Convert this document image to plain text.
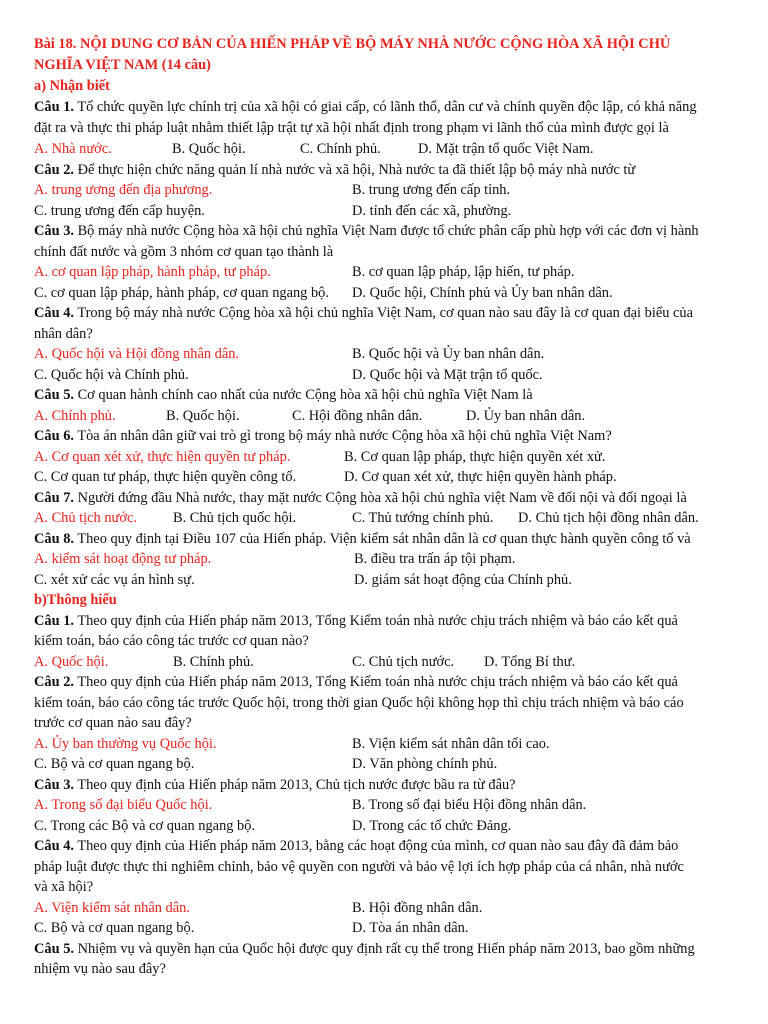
Bài 18. NỘI DUNG CƠ BẢN CỦA HIẾN PHÁP VỀ BỘ MÁY NHÀ NƯỚC CỘNG HÒA XÃ HỘI CHỦ
NGHĨA VIỆT NAM (14 câu)
a) Nhận biết
Câu 1. Tổ chức quyền lực chính trị của xã hội có giai cấp, có lãnh thổ, dân cư và chính quyền độc lập, có khả năng
đặt ra và thực thi pháp luật nhằm thiết lập trật tự xã hội nhất định trong phạm vi lãnh thổ của mình được gọi là
A. Nhà nước.	B. Quốc hội.	C. Chính phủ.	D. Mặt trận tổ quốc Việt Nam.
Câu 2. Để thực hiện chức năng quản lí nhà nước và xã hội, Nhà nước ta đã thiết lập bộ máy nhà nước từ
A. trung ương đến địa phương.	B. trung ương đến cấp tỉnh.
C. trung ương đến cấp huyện.	D. tỉnh đến các xã, phường.
Câu 3. Bộ máy nhà nước Cộng hòa xã hội chủ nghĩa Việt Nam được tổ chức phân cấp phù hợp với các đơn vị hành
chính đất nước và gồm 3 nhóm cơ quan tạo thành là
A. cơ quan lập pháp, hành pháp, tư pháp.	B. cơ quan lập pháp, lập hiến, tư pháp.
C. cơ quan lập pháp, hành pháp, cơ quan ngang bộ. D. Quốc hội, Chính phủ và Ủy ban nhân dân.
Câu 4. Trong bộ máy nhà nước Cộng hòa xã hội chủ nghĩa Việt Nam, cơ quan nào sau đây là cơ quan đại biểu của
nhân dân?
A. Quốc hội và Hội đồng nhân dân.	B. Quốc hội và Ủy ban nhân dân.
C. Quốc hội và Chính phủ.	D. Quốc hội và Mặt trận tổ quốc.
Câu 5. Cơ quan hành chính cao nhất của nước Cộng hòa xã hội chủ nghĩa Việt Nam là
A. Chính phủ.	B. Quốc hội.	C. Hội đồng nhân dân.	D. Ủy ban nhân dân.
Câu 6. Tòa án nhân dân giữ vai trò gì trong bộ máy nhà nước Cộng hòa xã hội chủ nghĩa Việt Nam?
A. Cơ quan xét xử, thực hiện quyền tư pháp.	B. Cơ quan lập pháp, thực hiện quyền xét xử.
C. Cơ quan tư pháp, thực hiện quyền công tố.	D. Cơ quan xét xử, thực hiện quyền hành pháp.
Câu 7. Người đứng đầu Nhà nước, thay mặt nước Cộng hòa xã hội chủ nghĩa việt Nam về đối nội và đối ngoại là
A. Chủ tịch nước.	B. Chủ tịch quốc hội.	C. Thủ tướng chính phủ. D. Chủ tịch hội đồng nhân dân.
Câu 8. Theo quy định tại Điều 107 của Hiến pháp. Viện kiểm sát nhân dân là cơ quan thực hành quyền công tố và
A. kiểm sát hoạt động tư pháp.	B. điều tra trấn áp tội phạm.
C. xét xử các vụ án hình sự.	D. giám sát hoạt động của Chính phủ.
b)Thông hiểu
Câu 1. Theo quy định của Hiến pháp năm 2013, Tổng Kiểm toán nhà nước chịu trách nhiệm và báo cáo kết quả
kiểm toán, báo cáo công tác trước cơ quan nào?
A. Quốc hội.	B. Chính phủ.	C. Chủ tịch nước. D. Tổng Bí thư.
Câu 2. Theo quy định của Hiến pháp năm 2013, Tổng Kiểm toán nhà nước chịu trách nhiệm và báo cáo kết quả
kiểm toán, báo cáo công tác trước Quốc hội, trong thời gian Quốc hội không họp thì chịu trách nhiệm và báo cáo
trước cơ quan nào sau đây?
A. Ủy ban thường vụ Quốc hội.	B. Viện kiểm sát nhân dân tối cao.
C. Bộ và cơ quan ngang bộ.	D. Văn phòng chính phủ.
Câu 3. Theo quy định của Hiến pháp năm 2013, Chủ tịch nước được bầu ra từ đâu?
A. Trong số đại biểu Quốc hội.	B. Trong số đại biểu Hội đồng nhân dân.
C. Trong các Bộ và cơ quan ngang bộ.	D. Trong các tổ chức Đảng.
Câu 4. Theo quy định của Hiến pháp năm 2013, bằng các hoạt động của mình, cơ quan nào sau đây đã đảm bảo
pháp luật được thực thi nghiêm chỉnh, bảo vệ quyền con người và bảo vệ lợi ích hợp pháp của cá nhân, nhà nước
và xã hội?
A. Viện kiểm sát nhân dân.	B. Hội đồng nhân dân.
C. Bộ và cơ quan ngang bộ.	D. Tòa án nhân dân.
Câu 5. Nhiệm vụ và quyền hạn của Quốc hội được quy định rất cụ thể trong Hiến pháp năm 2013, bao gồm những
nhiệm vụ nào sau đây?
